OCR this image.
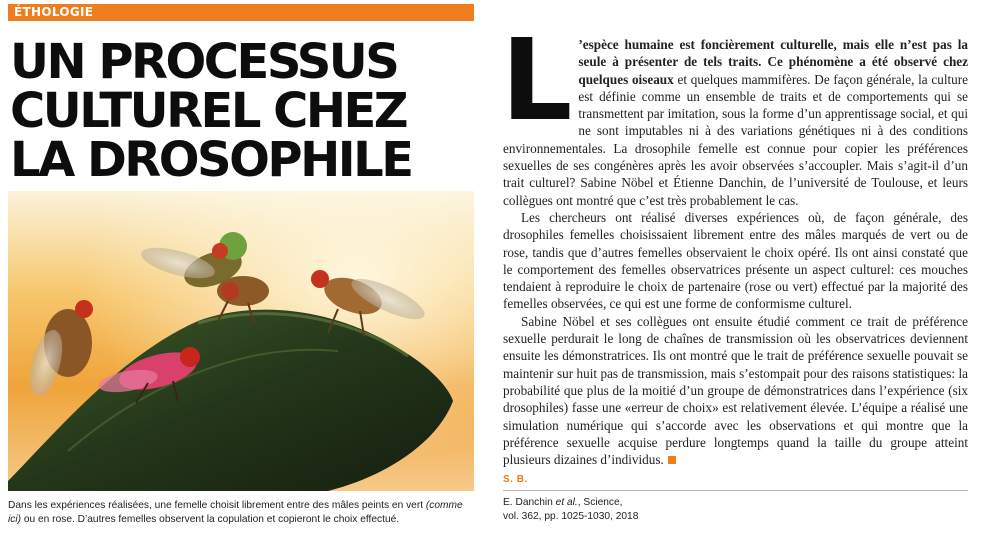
ÉTHOLOGIE
UN PROCESSUS
CULTUREL CHEZ
LA DROSOPHILE
Dans les expériences réalisées, une femelle choisit librement entre des mâles peints en vert (comme ici) ou en rose. D’autres femelles observent la copulation et copieront le choix effectué.

L ’espèce humaine est foncièrement culturelle, mais elle n’est pas la seule à présenter de tels traits. Ce phénomène a été observé chez quelques oiseaux et quelques mammifères. De façon générale, la culture est définie comme un ensemble de traits et de comportements qui se transmettent par imitation, sous la forme d’un apprentissage social, et qui ne sont imputables ni à des variations génétiques ni à des conditions environnementales. La drosophile femelle est connue pour copier les préférences sexuelles de ses congénères après les avoir observées s’accoupler. Mais s’agit-il d’un trait culturel? Sabine Nöbel et Étienne Danchin, de l’université de Toulouse, et leurs collègues ont montré que c’est très probablement le cas.

Les chercheurs ont réalisé diverses expériences où, de façon générale, des drosophiles femelles choisissaient librement entre des mâles marqués de vert ou de rose, tandis que d’autres femelles observaient le choix opéré. Ils ont ainsi constaté que le comportement des femelles observatrices présente un aspect culturel: ces mouches tendaient à reproduire le choix de partenaire (rose ou vert) effectué par la majorité des femelles observées, ce qui est une forme de conformisme culturel.

Sabine Nöbel et ses collègues ont ensuite étudié comment ce trait de préférence sexuelle perdurait le long de chaînes de transmission où les observatrices deviennent ensuite les démonstratrices. Ils ont montré que le trait de préférence sexuelle pouvait se maintenir sur huit pas de transmission, mais s’estompait pour des raisons statistiques: la probabilité que plus de la moitié d’un groupe de démonstratrices dans l’expérience (six drosophiles) fasse une «erreur de choix» est relativement élevée. L’équipe a réalisé une simulation numérique qui s’accorde avec les observations et qui montre que la préférence sexuelle acquise perdure longtemps quand la taille du groupe atteint plusieurs dizaines d’individus.

S. B.
E. Danchin et al., Science,
vol. 362, pp. 1025-1030, 2018
